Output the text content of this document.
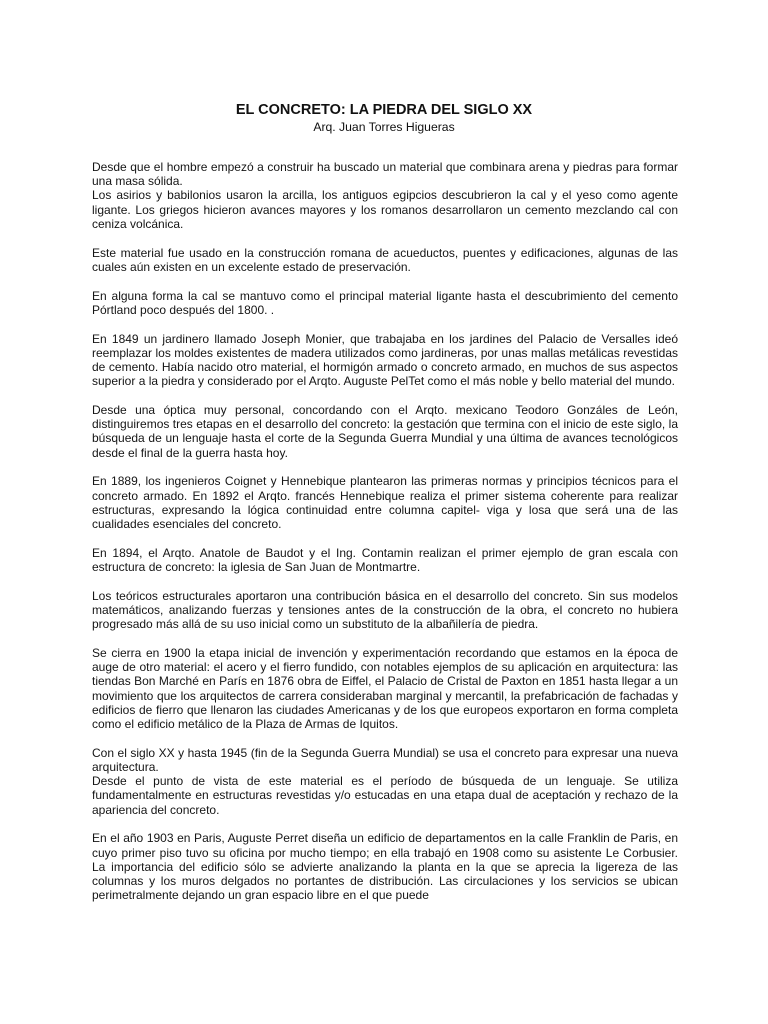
EL CONCRETO: LA PIEDRA DEL SIGLO XX
Arq. Juan Torres Higueras

Desde que el hombre empezó a construir ha buscado un material que combinara arena y piedras para formar una masa sólida.

Los asirios y babilonios usaron la arcilla, los antiguos egipcios descubrieron la cal y el yeso como agente ligante. Los griegos hicieron avances mayores y los romanos desarrollaron un cemento mezclando cal con ceniza volcánica.

Este material fue usado en la construcción romana de acueductos, puentes y edificaciones, algunas de las cuales aún existen en un excelente estado de preservación.

En alguna forma la cal se mantuvo como el principal material ligante hasta el descubrimiento del cemento Pórtland poco después del 1800. .

En 1849 un jardinero llamado Joseph Monier, que trabajaba en los jardines del Palacio de Versalles ideó reemplazar los moldes existentes de madera utilizados como jardineras, por unas mallas metálicas revestidas de cemento. Había nacido otro material, el hormigón armado o concreto armado, en muchos de sus aspectos superior a la piedra y considerado por el Arqto. Auguste PelTet como el más noble y bello material del mundo.

Desde una óptica muy personal, concordando con el Arqto. mexicano Teodoro Gonzáles de León, distinguiremos tres etapas en el desarrollo del concreto: la gestación que termina con el inicio de este siglo, la búsqueda de un lenguaje hasta el corte de la Segunda Guerra Mundial y una última de avances tecnológicos desde el final de la guerra hasta hoy.

En 1889, los ingenieros Coignet y Hennebique plantearon las primeras normas y principios técnicos para el concreto armado. En 1892 el Arqto. francés Hennebique realiza el primer sistema coherente para realizar estructuras, expresando la lógica continuidad entre columna capitel- viga y losa que será una de las cualidades esenciales del concreto.

En 1894, el Arqto. Anatole de Baudot y el Ing. Contamin realizan el primer ejemplo de gran escala con estructura de concreto: la iglesia de San Juan de Montmartre.

Los teóricos estructurales aportaron una contribución básica en el desarrollo del concreto. Sin sus modelos matemáticos, analizando fuerzas y tensiones antes de la construcción de la obra, el concreto no hubiera progresado más allá de su uso inicial como un substituto de la albañilería de piedra.

Se cierra en 1900 la etapa inicial de invención y experimentación recordando que estamos en la época de auge de otro material: el acero y el fierro fundido, con notables ejemplos de su aplicación en arquitectura: las tiendas Bon Marché en París en 1876 obra de Eiffel, el Palacio de Cristal de Paxton en 1851 hasta llegar a un movimiento que los arquitectos de carrera consideraban marginal y mercantil, la prefabricación de fachadas y edificios de fierro que llenaron las ciudades Americanas y de los que europeos exportaron en forma completa como el edificio metálico de la Plaza de Armas de Iquitos.

Con el siglo XX y hasta 1945 (fin de la Segunda Guerra Mundial) se usa el concreto para expresar una nueva arquitectura.

Desde el punto de vista de este material es el período de búsqueda de un lenguaje. Se utiliza fundamentalmente en estructuras revestidas y/o estucadas en una etapa dual de aceptación y rechazo de la apariencia del concreto.

En el año 1903 en Paris, Auguste Perret diseña un edificio de departamentos en la calle Franklin de Paris, en cuyo primer piso tuvo su oficina por mucho tiempo; en ella trabajó en 1908 como su asistente Le Corbusier. La importancia del edificio sólo se advierte analizando la planta en la que se aprecia la ligereza de las columnas y los muros delgados no portantes de distribución. Las circulaciones y los servicios se ubican perimetralmente dejando un gran espacio libre en el que puede
